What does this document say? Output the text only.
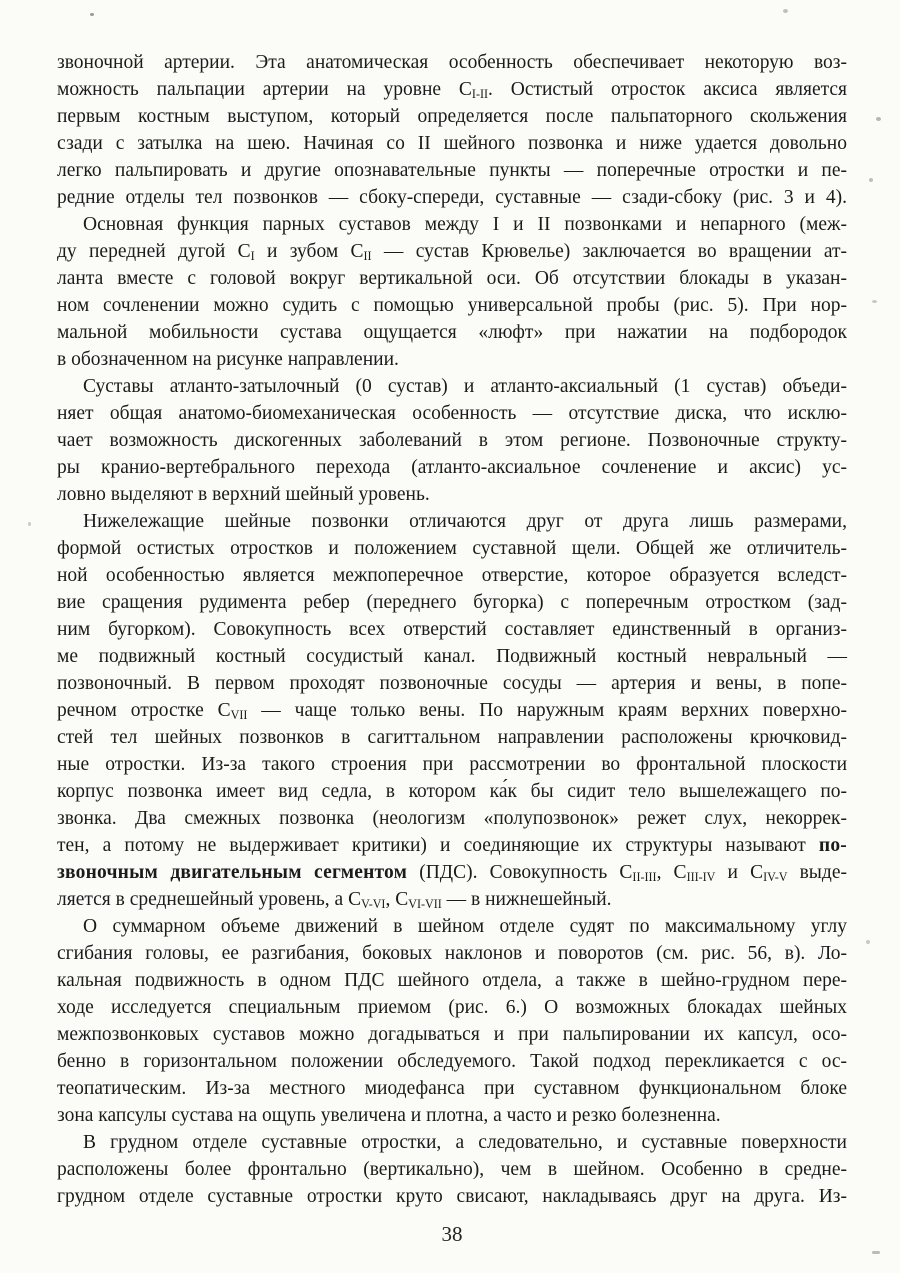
звоночной артерии. Эта анатомическая особенность обеспечивает некоторую воз-
можность пальпации артерии на уровне $C_{I-II}$. Остистый отросток аксиса является
первым костным выступом, который определяется после пальпаторного скольжения
сзади с затылка на шею. Начиная со II шейного позвонка и ниже удается довольно
легко пальпировать и другие опознавательные пункты — поперечные отростки и пе-
редние отделы тел позвонков — сбоку-спереди, суставные — сзади-сбоку (рис. 3 и 4).
Основная функция парных суставов между I и II позвонками и непарного (меж-
ду передней дугой $C_I$ и зубом $C_{II}$ — сустав Крювелье) заключается во вращении ат-
ланта вместе с головой вокруг вертикальной оси. Об отсутствии блокады в указан-
ном сочленении можно судить с помощью универсальной пробы (рис. 5). При нор-
мальной мобильности сустава ощущается «люфт» при нажатии на подбородок
в обозначенном на рисунке направлении.
Суставы атланто-затылочный (0 сустав) и атланто-аксиальный (1 сустав) объеди-
няет общая анатомо-биомеханическая особенность — отсутствие диска, что исклю-
чает возможность дискогенных заболеваний в этом регионе. Позвоночные структу-
ры кранио-вертебрального перехода (атланто-аксиальное сочленение и аксис) ус-
ловно выделяют в верхний шейный уровень.
Нижележащие шейные позвонки отличаются друг от друга лишь размерами,
формой остистых отростков и положением суставной щели. Общей же отличитель-
ной особенностью является межпоперечное отверстие, которое образуется вследст-
вие сращения рудимента ребер (переднего бугорка) с поперечным отростком (зад-
ним бугорком). Совокупность всех отверстий составляет единственный в организ-
ме подвижный костный сосудистый канал. Подвижный костный невральный —
позвоночный. В первом проходят позвоночные сосуды — артерия и вены, в попе-
речном отростке $C_{VII}$ — чаще только вены. По наружным краям верхних поверхно-
стей тел шейных позвонков в сагиттальном направлении расположены крючковид-
ные отростки. Из-за такого строения при рассмотрении во фронтальной плоскости
корпус позвонка имеет вид седла, в котором ка́к бы сидит тело вышележащего по-
звонка. Два смежных позвонка (неологизм «полупозвонок» режет слух, некоррек-
тен, а потому не выдерживает критики) и соединяющие их структуры называют по-
звоночным двигательным сегментом (ПДС). Совокупность $C_{II-III}$, $C_{III-IV}$ и $C_{IV-V}$ выде-
ляется в среднешейный уровень, а $C_{V-VI}$, $C_{VI-VII}$ — в нижнешейный.
О суммарном объеме движений в шейном отделе судят по максимальному углу
сгибания головы, ее разгибания, боковых наклонов и поворотов (см. рис. 56, в). Ло-
кальная подвижность в одном ПДС шейного отдела, а также в шейно-грудном пере-
ходе исследуется специальным приемом (рис. 6.) О возможных блокадах шейных
межпозвонковых суставов можно догадываться и при пальпировании их капсул, осо-
бенно в горизонтальном положении обследуемого. Такой подход перекликается с ос-
теопатическим. Из-за местного миодефанса при суставном функциональном блоке
зона капсулы сустава на ощупь увеличена и плотна, а часто и резко болезненна.
В грудном отделе суставные отростки, а следовательно, и суставные поверхности
расположены более фронтально (вертикально), чем в шейном. Особенно в средне-
грудном отделе суставные отростки круто свисают, накладываясь друг на друга. Из-
38
